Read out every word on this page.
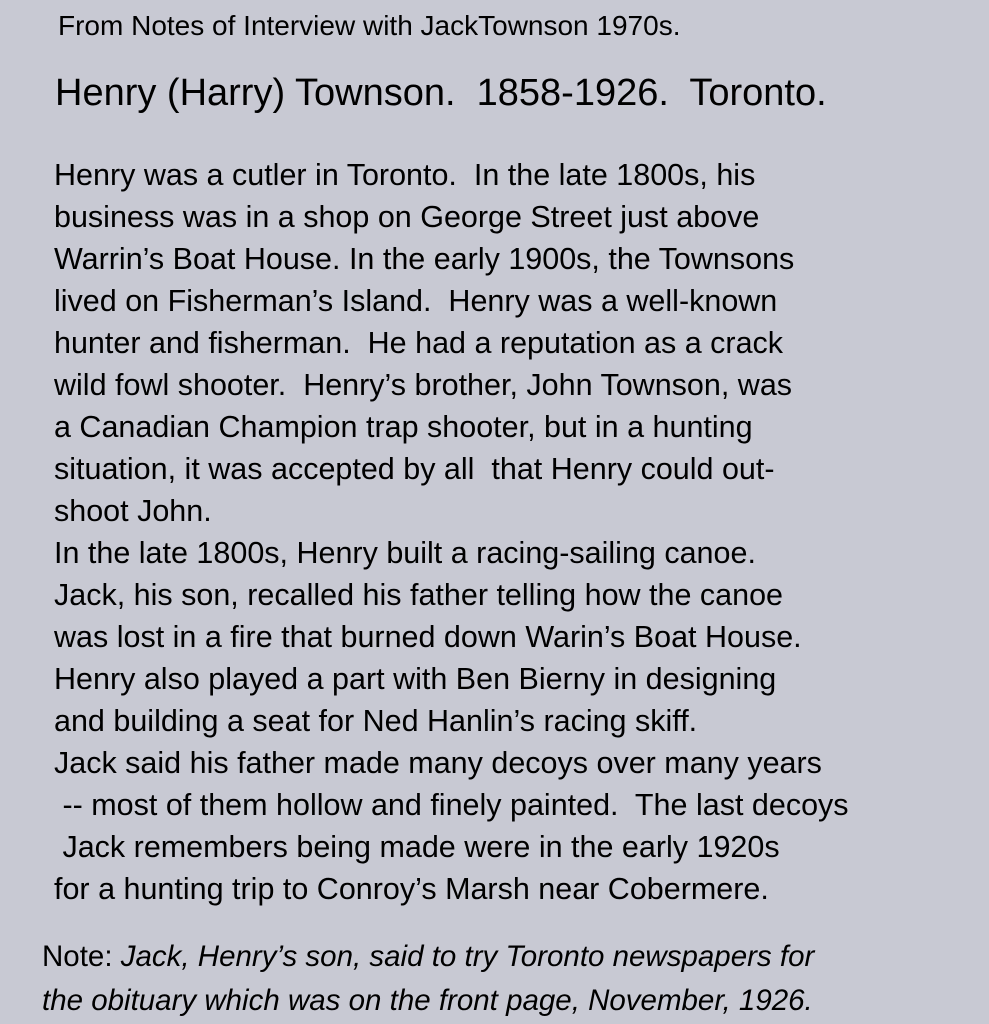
From Notes of Interview with JackTownson 1970s.
Henry (Harry) Townson.  1858-1926.  Toronto.
Henry was a cutler in Toronto.  In the late 1800s, his
business was in a shop on George Street just above
Warrin’s Boat House. In the early 1900s, the Townsons
lived on Fisherman’s Island.  Henry was a well-known
hunter and fisherman.  He had a reputation as a crack
wild fowl shooter.  Henry’s brother, John Townson, was
a Canadian Champion trap shooter, but in a hunting
situation, it was accepted by all  that Henry could out-
shoot John.
In the late 1800s, Henry built a racing-sailing canoe.
Jack, his son, recalled his father telling how the canoe
was lost in a fire that burned down Warin’s Boat House.
Henry also played a part with Ben Bierny in designing
and building a seat for Ned Hanlin’s racing skiff.
Jack said his father made many decoys over many years
-- most of them hollow and finely painted.  The last decoys
Jack remembers being made were in the early 1920s
for a hunting trip to Conroy’s Marsh near Cobermere.
Note: Jack, Henry’s son, said to try Toronto newspapers for
the obituary which was on the front page, November, 1926.
